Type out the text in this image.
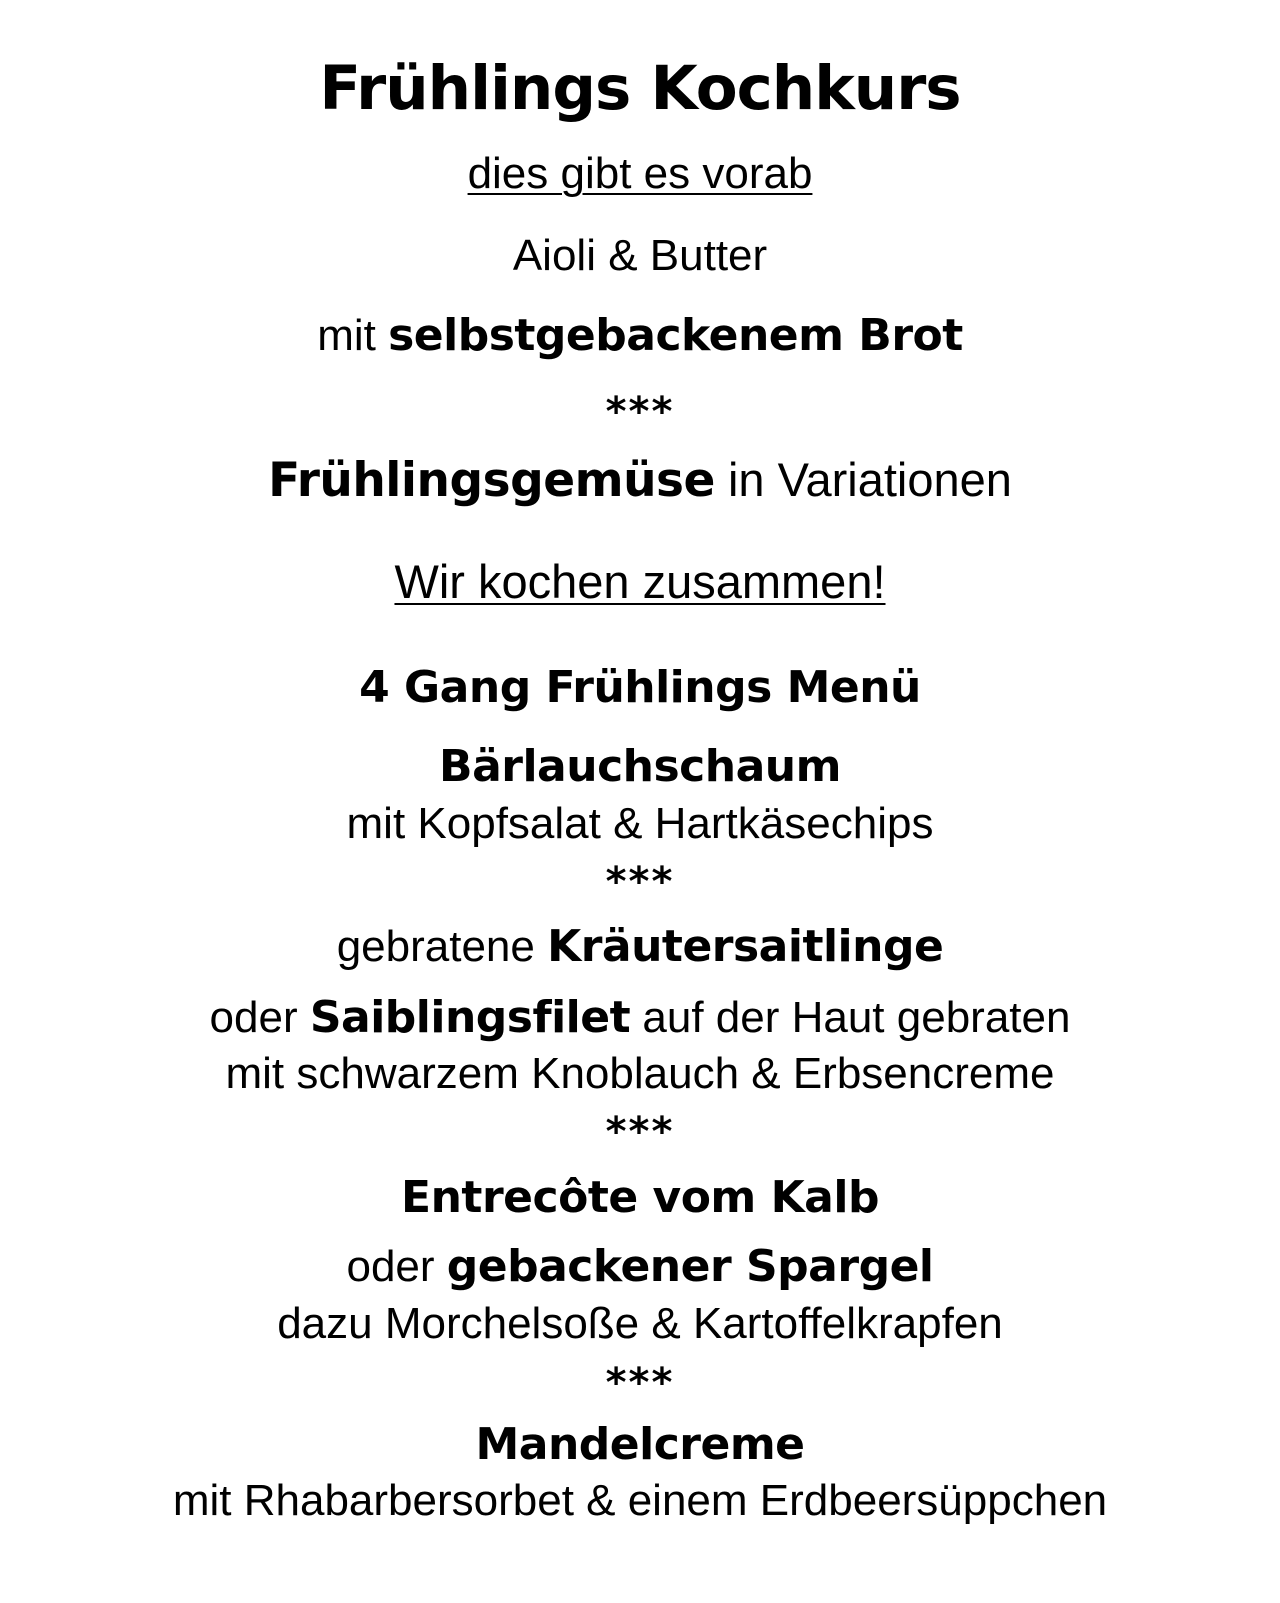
Frühlings Kochkurs
dies gibt es vorab
Aioli & Butter
mit selbstgebackenem Brot
***
Frühlingsgemüse in Variationen
Wir kochen zusammen!
4 Gang Frühlings Menü
Bärlauchschaum
mit Kopfsalat & Hartkäsechips
***
gebratene Kräutersaitlinge
oder Saiblingsfilet auf der Haut gebraten
mit schwarzem Knoblauch & Erbsencreme
***
Entrecôte vom Kalb
oder gebackener Spargel
dazu Morchelsoße & Kartoffelkrapfen
***
Mandelcreme
mit Rhabarbersorbet & einem Erdbeersüppchen
